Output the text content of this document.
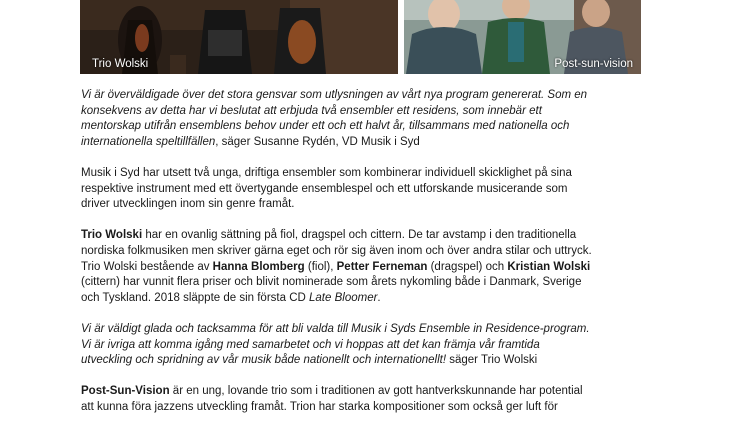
Trio Wolski	Post-sun-vision

Vi är överväldigade över det stora gensvar som utlysningen av vårt nya program genererat. Som en
konsekvens av detta har vi beslutat att erbjuda två ensembler ett residens, som innebär ett
mentorskap utifrån ensemblens behov under ett och ett halvt år, tillsammans med nationella och
internationella speltillfällen, säger Susanne Rydén, VD Musik i Syd

Musik i Syd har utsett två unga, driftiga ensembler som kombinerar individuell skicklighet på sina
respektive instrument med ett övertygande ensemblespel och ett utforskande musicerande som
driver utvecklingen inom sin genre framåt.

Trio Wolski har en ovanlig sättning på fiol, dragspel och cittern. De tar avstamp i den traditionella
nordiska folkmusiken men skriver gärna eget och rör sig även inom och över andra stilar och uttryck.
Trio Wolski bestående av Hanna Blomberg (fiol), Petter Ferneman (dragspel) och Kristian Wolski
(cittern) har vunnit flera priser och blivit nominerade som årets nykomling både i Danmark, Sverige
och Tyskland. 2018 släppte de sin första CD Late Bloomer.

Vi är väldigt glada och tacksamma för att bli valda till Musik i Syds Ensemble in Residence-program.
Vi är ivriga att komma igång med samarbetet och vi hoppas att det kan främja vår framtida
utveckling och spridning av vår musik både nationellt och internationellt! säger Trio Wolski

Post-Sun-Vision är en ung, lovande trio som i traditionen av gott hantverkskunnande har potential
att kunna föra jazzens utveckling framåt. Trion har starka kompositioner som också ger luft för
